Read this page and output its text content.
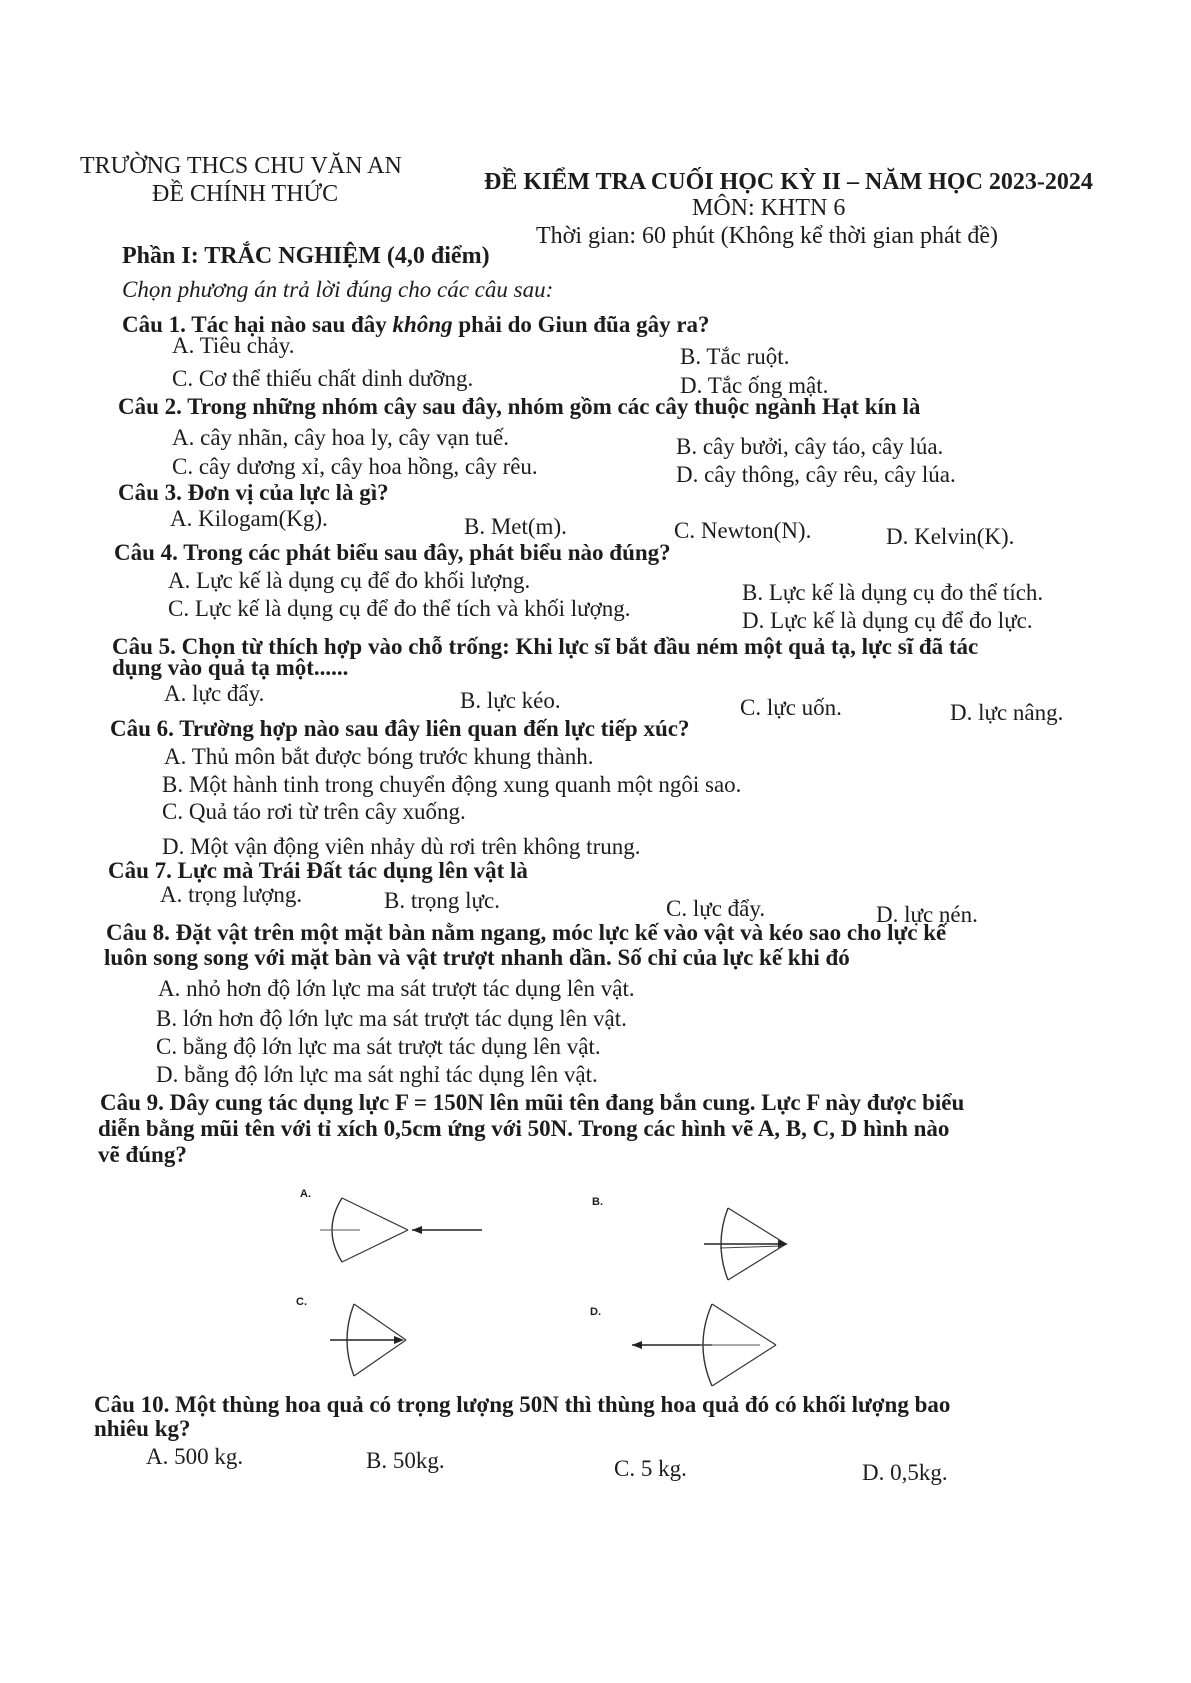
TRƯỜNG THCS CHU VĂN AN
ĐỀ CHÍNH THỨC	ĐỀ KIỂM TRA CUỐI HỌC KỲ II – NĂM HỌC 2023-2024
MÔN: KHTN 6
Thời gian: 60 phút (Không kể thời gian phát đề)
Phần I: TRẮC NGHIỆM (4,0 điểm)
Chọn phương án trả lời đúng cho các câu sau:
Câu 1. Tác hại nào sau đây không phải do Giun đũa gây ra?
A. Tiêu chảy.	B. Tắc ruột.
C. Cơ thể thiếu chất dinh dưỡng.	D. Tắc ống mật.
Câu 2. Trong những nhóm cây sau đây, nhóm gồm các cây thuộc ngành Hạt kín là
A. cây nhãn, cây hoa ly, cây vạn tuế.	B. cây bưởi, cây táo, cây lúa.
C. cây dương xỉ, cây hoa hồng, cây rêu.	D. cây thông, cây rêu, cây lúa.
Câu 3. Đơn vị của lực là gì?
A. Kilogam(Kg).	B. Met(m).	C. Newton(N).	D. Kelvin(K).
Câu 4. Trong các phát biểu sau đây, phát biểu nào đúng?
A. Lực kế là dụng cụ để đo khối lượng.	B. Lực kế là dụng cụ đo thể tích.
C. Lực kế là dụng cụ để đo thể tích và khối lượng.	D. Lực kế là dụng cụ để đo lực.
Câu 5. Chọn từ thích hợp vào chỗ trống: Khi lực sĩ bắt đầu ném một quả tạ, lực sĩ đã tác
dụng vào quả tạ một......
A. lực đẩy.	B. lực kéo.	C. lực uốn.	D. lực nâng.
Câu 6. Trường hợp nào sau đây liên quan đến lực tiếp xúc?
A. Thủ môn bắt được bóng trước khung thành.
B. Một hành tinh trong chuyển động xung quanh một ngôi sao.
C. Quả táo rơi từ trên cây xuống.
D. Một vận động viên nhảy dù rơi trên không trung.
Câu 7. Lực mà Trái Đất tác dụng lên vật là
A. trọng lượng.	B. trọng lực.	C. lực đẩy.	D. lực nén.
Câu 8. Đặt vật trên một mặt bàn nằm ngang, móc lực kế vào vật và kéo sao cho lực kế
luôn song song với mặt bàn và vật trượt nhanh dần. Số chỉ của lực kế khi đó
A. nhỏ hơn độ lớn lực ma sát trượt tác dụng lên vật.
B. lớn hơn độ lớn lực ma sát trượt tác dụng lên vật.
C. bằng độ lớn lực ma sát trượt tác dụng lên vật.
D. bằng độ lớn lực ma sát nghỉ tác dụng lên vật.
Câu 9. Dây cung tác dụng lực F = 150N lên mũi tên đang bắn cung. Lực F này được biểu
diễn bằng mũi tên với tỉ xích 0,5cm ứng với 50N. Trong các hình vẽ A, B, C, D hình nào
vẽ đúng?
A.
B.
C.
D.
Câu 10. Một thùng hoa quả có trọng lượng 50N thì thùng hoa quả đó có khối lượng bao
nhiêu kg?
A. 500 kg.	B. 50kg.	C. 5 kg.	D. 0,5kg.
